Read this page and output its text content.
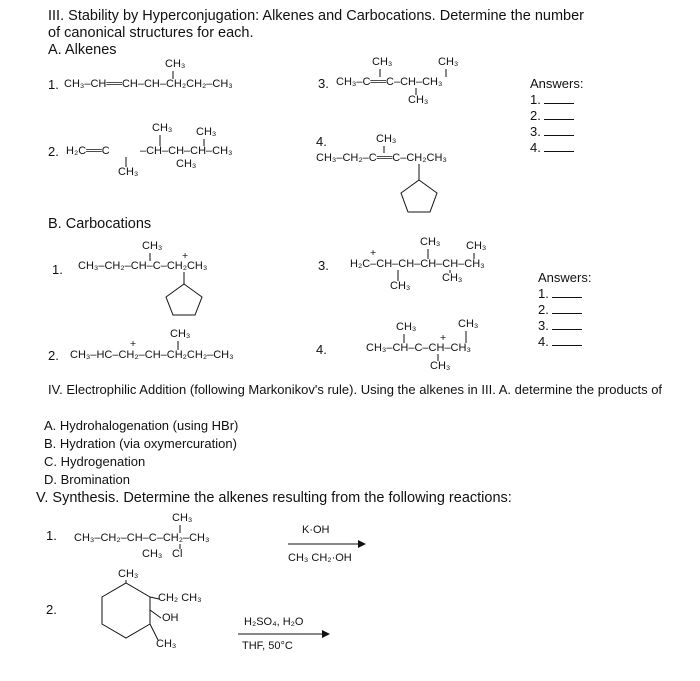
III. Stability by Hyperconjugation: Alkenes and Carbocations. Determine the number
of canonical structures for each.
A. Alkenes
1. CH₃–CH══CH–CH–CH₂CH₂–CH₃
CH₃
2. H₂C══C	–CH–CH–CH–CH₃
CH₃ CH₃
CH₃
CH₃
3. CH₃–C══C–CH–CH₃
CH₃	CH₃
CH₃
4.
CH₃–CH₂–C══C–CH₂CH₃
CH₃
Answers:
1.
2.
3.
4.
B. Carbocations
1. CH₃–CH₂–CH–C–CH₂CH₃
CH₃
+
2. CH₃–HC–CH₂–CH–CH₂CH₂–CH₃
CH₃
+
3. H₂C–CH–CH–CH–CH–CH₃
CH₃ CH₃
CH₃
CH₃
+
4.	CH₃–CH–C–CH–CH₃
CH₃	CH₃
CH₃
+
Answers:
1.
2.
3.
4.
IV. Electrophilic Addition (following Markonikov's rule). Using the alkenes in III. A. determine the products of
A. Hydrohalogenation (using HBr)
B. Hydration (via oxymercuration)
C. Hydrogenation
D. Bromination
V. Synthesis. Determine the alkenes resulting from the following reactions:
1. CH₃–CH₂–CH–C–CH₂–CH₃
CH₃
CH₃ Cl
K·OH
CH₃ CH₂·OH
2.
CH₃
CH₂ CH₃
OH
CH₃
H₂SO₄, H₂O
THF, 50°C
